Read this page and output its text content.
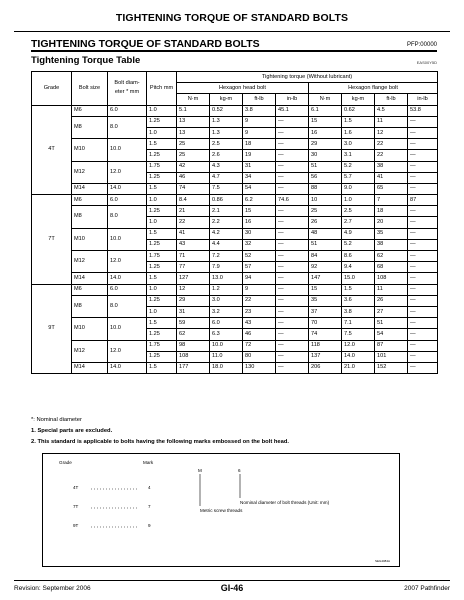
TIGHTENING TORQUE OF STANDARD BOLTS
TIGHTENING TORQUE OF STANDARD BOLTS	PFP:00000
Tightening Torque Table	EAS00Y5D
Grade	Bolt size	Bolt diam-eter * mm	Pitch mm	Tightening torque (Without lubricant)							
				Hexagon head bolt				Hexagon flange bolt			
				N·m	kg-m	ft-lb	in-lb	N·m	kg-m	ft-lb	in-lb
4T	M6	6.0	1.0	5.1	0.52	3.8	45.1	6.1	0.62	4.5	53.8
	M8	8.0	1.25	13	1.3	9	—	15	1.5	11	—
			1.0	13	1.3	9	—	16	1.6	12	—
	M10	10.0	1.5	25	2.5	18	—	29	3.0	22	—
			1.25	25	2.6	19	—	30	3.1	22	—
	M12	12.0	1.75	42	4.3	31	—	51	5.2	38	—
			1.25	46	4.7	34	—	56	5.7	41	—
	M14	14.0	1.5	74	7.5	54	—	88	9.0	65	—
7T	M6	6.0	1.0	8.4	0.86	6.2	74.6	10	1.0	7	87
	M8	8.0	1.25	21	2.1	15	—	25	2.5	18	—
			1.0	22	2.2	16	—	26	2.7	20	—
	M10	10.0	1.5	41	4.2	30	—	48	4.9	35	—
			1.25	43	4.4	32	—	51	5.2	38	—
	M12	12.0	1.75	71	7.2	52	—	84	8.6	62	—
			1.25	77	7.9	57	—	92	9.4	68	—
	M14	14.0	1.5	127	13.0	94	—	147	15.0	108	—
9T	M6	6.0	1.0	12	1.2	9	—	15	1.5	11	—
	M8	8.0	1.25	29	3.0	22	—	35	3.6	26	—
			1.0	31	3.2	23	—	37	3.8	27	—
	M10	10.0	1.5	59	6.0	43	—	70	7.1	51	—
			1.25	62	6.3	46	—	74	7.5	54	—
	M12	12.0	1.75	98	10.0	72	—	118	12.0	87	—
			1.25	108	11.0	80	—	137	14.0	101	—
	M14	14.0	1.5	177	18.0	130	—	206	21.0	152	—
*: Nominal diameter
1. Special parts are excluded.
2. This standard is applicable to bolts having the following marks embossed on the bolt head.
Grade	Mark
4T	4
7T	7
9T	9
M	6
Nominal diameter of bolt threads (Unit: mm)
Metric screw threads
SEG4084A
Revision: September 2006	GI-46	2007 Pathfinder
